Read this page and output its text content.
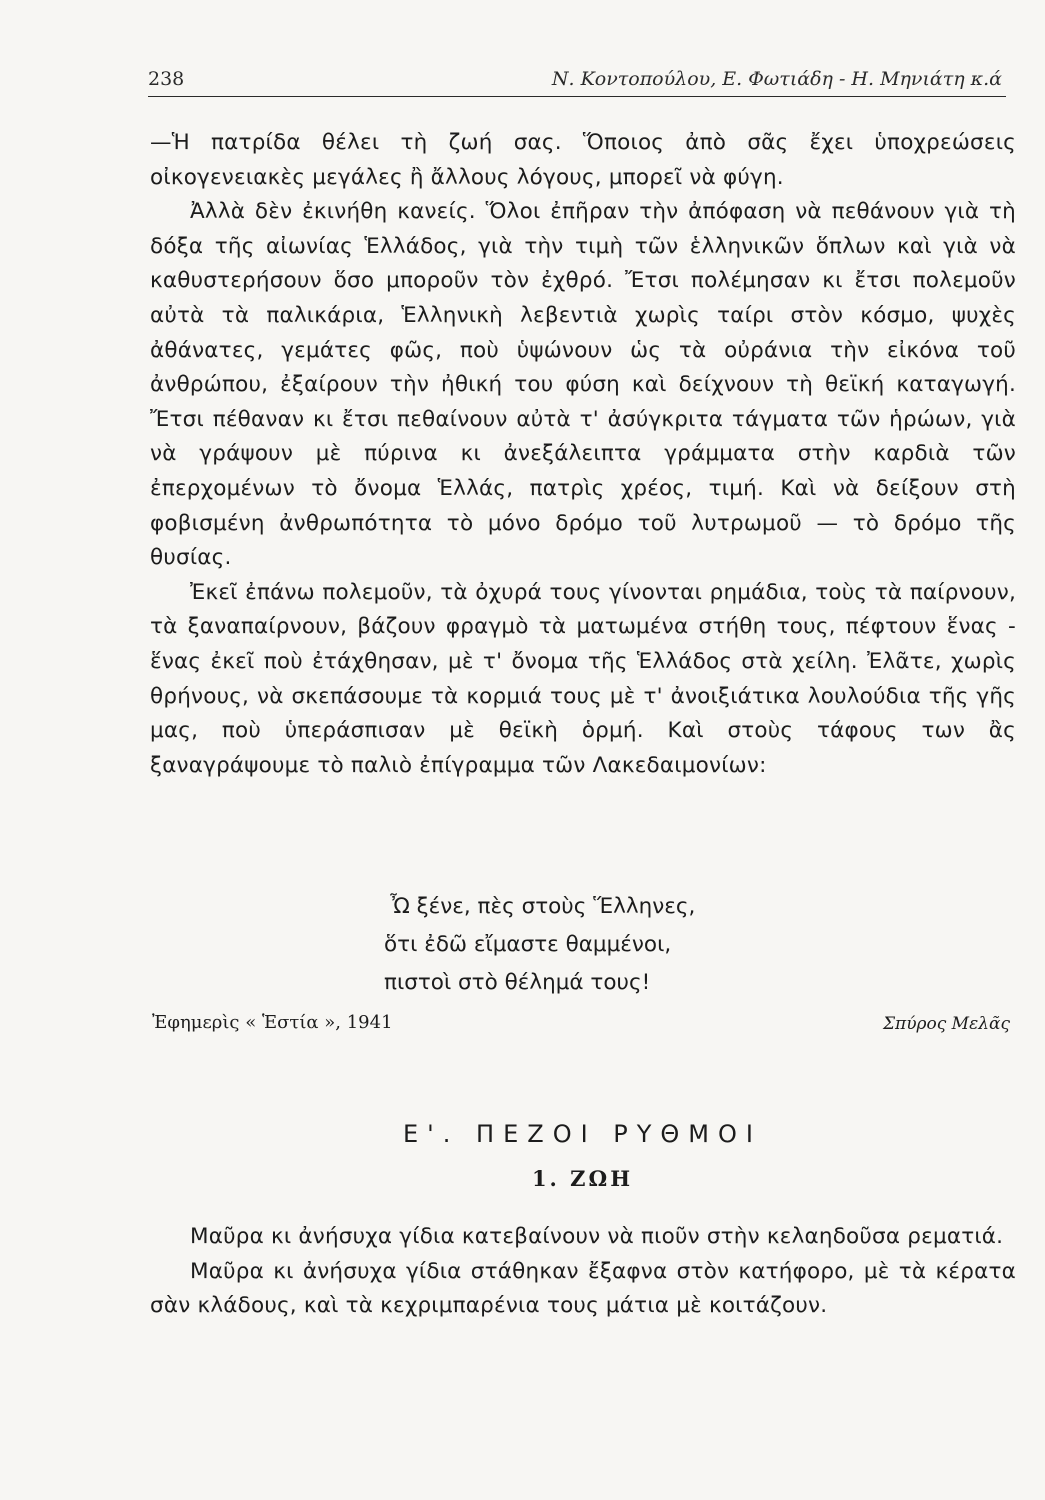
238	Ν. Κοντοπούλου, Ε. Φωτιάδη - Η. Μηνιάτη κ.ά

—Ἡ πατρίδα θέλει τὴ ζωή σας. Ὅποιος ἀπὸ σᾶς ἔχει ὑποχρεώσεις οἰκογενειακὲς μεγάλες ἢ ἄλλους λόγους, μπορεῖ νὰ φύγη.

Ἀλλὰ δὲν ἐκινήθη κανείς. Ὅλοι ἐπῆραν τὴν ἀπόφαση νὰ πεθάνουν γιὰ τὴ δόξα τῆς αἰωνίας Ἑλλάδος, γιὰ τὴν τιμὴ τῶν ἑλληνικῶν ὅπλων καὶ γιὰ νὰ καθυστερήσουν ὅσο μποροῦν τὸν ἐχθρό. Ἔτσι πολέμησαν κι ἔτσι πολεμοῦν αὐτὰ τὰ παλικάρια, Ἑλληνικὴ λεβεντιὰ χωρὶς ταίρι στὸν κόσμο, ψυχὲς ἀθάνατες, γεμάτες φῶς, ποὺ ὑψώνουν ὡς τὰ οὐράνια τὴν εἰκόνα τοῦ ἀνθρώπου, ἐξαίρουν τὴν ἠθική του φύση καὶ δείχνουν τὴ θεϊκή καταγωγή. Ἔτσι πέθαναν κι ἔτσι πεθαίνουν αὐτὰ τ' ἀσύγκριτα τάγματα τῶν ἡρώων, γιὰ νὰ γράψουν μὲ πύρινα κι ἀνεξάλειπτα γράμματα στὴν καρδιὰ τῶν ἐπερχομένων τὸ ὄνομα Ἑλλάς, πατρὶς χρέος, τιμή. Καὶ νὰ δείξουν στὴ φοβισμένη ἀνθρωπότητα τὸ μόνο δρόμο τοῦ λυτρωμοῦ — τὸ δρόμο τῆς θυσίας.

Ἐκεῖ ἐπάνω πολεμοῦν, τὰ ὀχυρά τους γίνονται ρημάδια, τοὺς τὰ παίρνουν, τὰ ξαναπαίρνουν, βάζουν φραγμὸ τὰ ματωμένα στήθη τους, πέφτουν ἕνας - ἕνας ἐκεῖ ποὺ ἐτάχθησαν, μὲ τ' ὄνομα τῆς Ἑλλάδος στὰ χείλη. Ἐλᾶτε, χωρὶς θρήνους, νὰ σκεπάσουμε τὰ κορμιά τους μὲ τ' ἀνοιξιάτικα λουλούδια τῆς γῆς μας, ποὺ ὑπεράσπισαν μὲ θεϊκὴ ὁρμή. Καὶ στοὺς τάφους των ἂς ξαναγράψουμε τὸ παλιὸ ἐπίγραμμα τῶν Λακεδαιμονίων:

Ὦ ξένε, πὲς στοὺς Ἕλληνες,
ὅτι ἐδῶ εἴμαστε θαμμένοι,
πιστοὶ στὸ θέλημά τους!
Ἐφημερὶς « Ἑστία », 1941	Σπύρος Μελᾶς
Ε'. ΠΕΖΟΙ ΡΥΘΜΟΙ
1. ΖΩΗ

Μαῦρα κι ἀνήσυχα γίδια κατεβαίνουν νὰ πιοῦν στὴν κελαηδοῦσα ρεματιά.

Μαῦρα κι ἀνήσυχα γίδια στάθηκαν ἔξαφνα στὸν κατήφορο, μὲ τὰ κέρατα σὰν κλάδους, καὶ τὰ κεχριμπαρένια τους μάτια μὲ κοιτάζουν.
